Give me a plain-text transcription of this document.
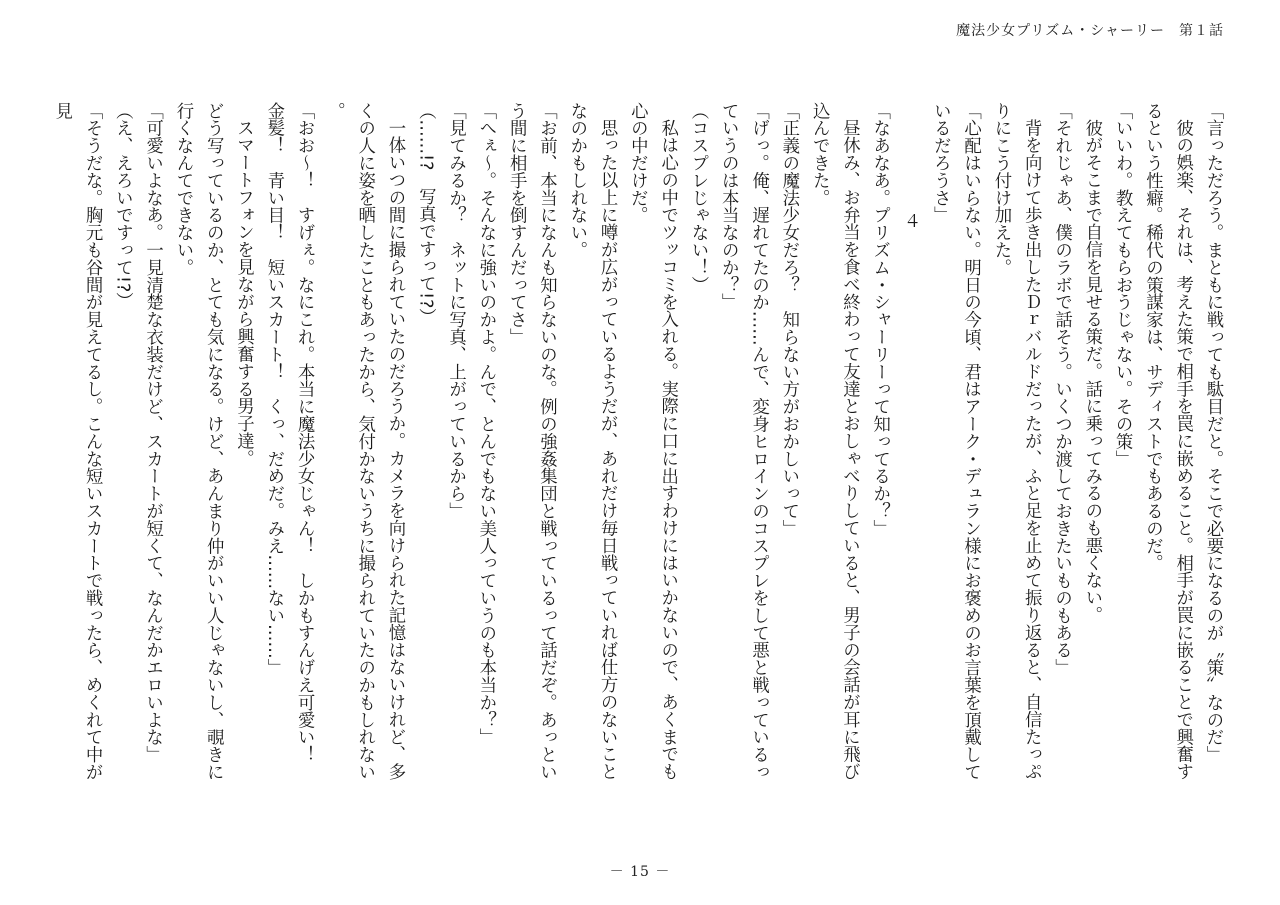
魔法少女プリズム・シャーリー 第１話

「言っただろう。まともに戦っても駄目だと。そこで必要になるのが〝策〟なのだ」

彼の娯楽、それは、考えた策で相手を罠に嵌めること。相手が罠に嵌ることで興奮するという性癖。稀代の策謀家は、サディストでもあるのだ。

「いいわ。教えてもらおうじゃない。その策」

彼がそこまで自信を見せる策だ。話に乗ってみるのも悪くない。

「それじゃあ、僕のラボで話そう。いくつか渡しておきたいものもある」

背を向けて歩き出したＤｒバルドだったが、ふと足を止めて振り返ると、自信たっぷりにこう付け加えた。

「心配はいらない。明日の今頃、君はアーク・デュラン様にお褒めのお言葉を頂戴しているだろうさ」

４

「なあなあ。プリズム・シャーリーって知ってるか？」

昼休み、お弁当を食べ終わって友達とおしゃべりしていると、男子の会話が耳に飛び込んできた。

「正義の魔法少女だろ？　知らない方がおかしいって」

「げっ。俺、遅れてたのか……んで、変身ヒロインのコスプレをして悪と戦っているっていうのは本当なのか？」

（コスプレじゃない！）

私は心の中でツッコミを入れる。実際に口に出すわけにはいかないので、あくまでも心の中だけだ。

思った以上に噂が広がっているようだが、あれだけ毎日戦っていれば仕方のないことなのかもしれない。

「お前、本当になんも知らないのな。例の強姦集団と戦っているって話だぞ。あっという間に相手を倒すんだってさ」

「へぇ～。そんなに強いのかよ。んで、とんでもない美人っていうのも本当か？」

「見てみるか？　ネットに写真、上がっているから」

（……!?　写真ですって!?）

一体いつの間に撮られていたのだろうか。カメラを向けられた記憶はないけれど、多くの人に姿を晒したこともあったから、気付かないうちに撮られていたのかもしれない。

「おお～！　すげぇ。なにこれ。本当に魔法少女じゃん！　しかもすんげえ可愛い！　金髪！　青い目！　短いスカート！　くっ、だめだ。みえ……ない……」

スマートフォンを見ながら興奮する男子達。

どう写っているのか、とても気になる。けど、あんまり仲がいい人じゃないし、覗きに行くなんてできない。

「可愛いよなあ。一見清楚な衣装だけど、スカートが短くて、なんだかエロいよな」

（え、えろいですって!?）

「そうだな。胸元も谷間が見えてるし。こんな短いスカートで戦ったら、めくれて中が見

－ 15 －
